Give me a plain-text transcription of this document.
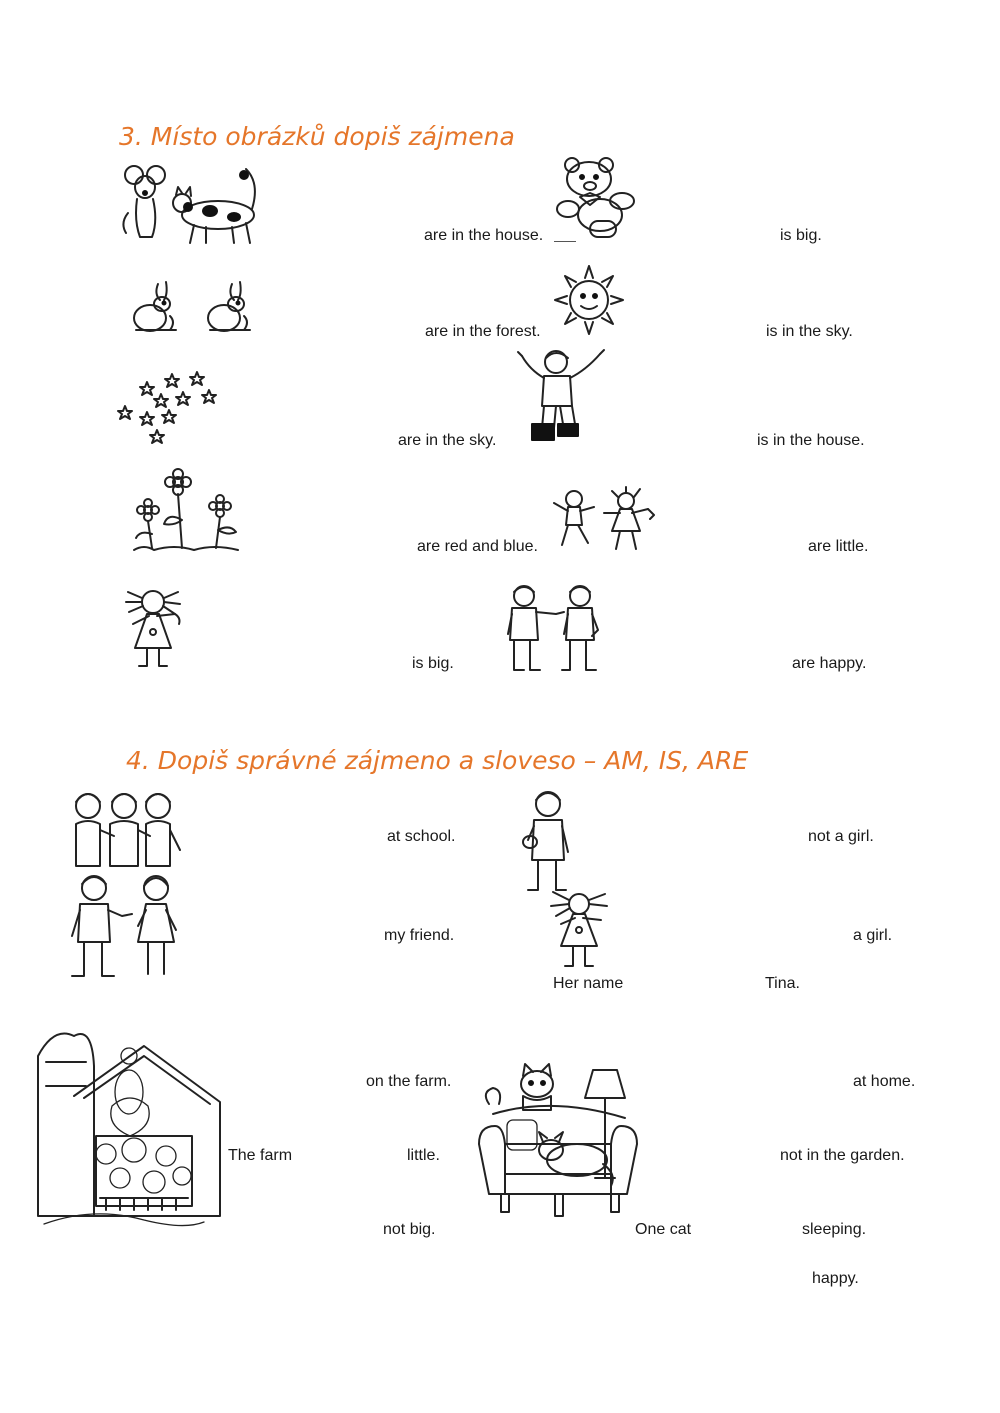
3. Místo obrázků dopiš zájmena
are in the house.	is big.
are in the forest.	is in the sky.
are in the sky.	is in the house.
are red and blue.	are little.
is big.	are happy.
4. Dopiš správné zájmeno a sloveso – AM, IS, ARE
at school.	not a girl.
my friend.	a girl.
Her name	Tina.
on the farm.	at home.
The farm	little.	not in the garden.
not big.	One cat	sleeping.
happy.
